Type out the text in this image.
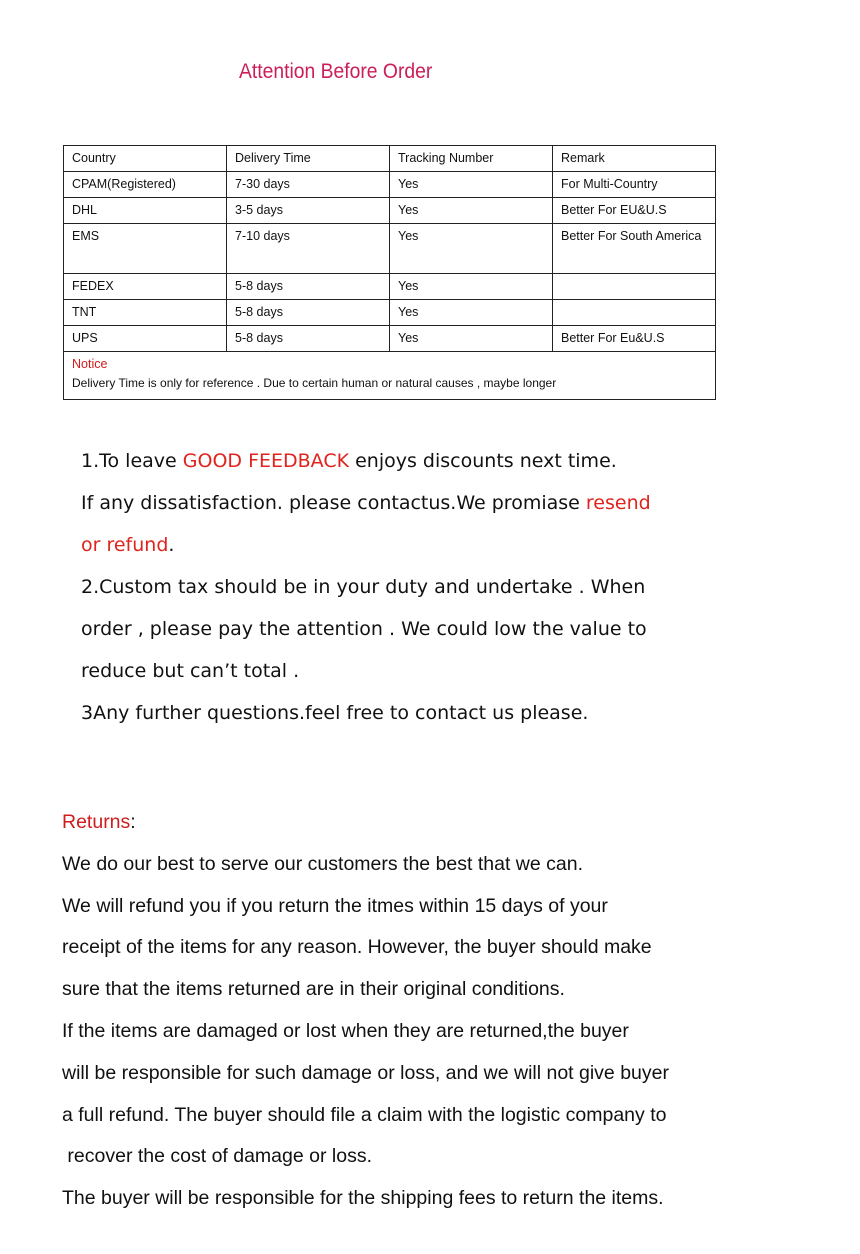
Attention Before Order
Country	Delivery Time	Tracking Number	Remark
CPAM(Registered)	7-30 days	Yes	For Multi-Country
DHL	3-5 days	Yes	Better For EU&U.S
EMS	7-10 days	Yes	Better For South America
FEDEX	5-8 days	Yes	
TNT	5-8 days	Yes	
UPS	5-8 days	Yes	Better For Eu&U.S

Notice
Delivery Time is only for reference . Due to certain human or natural causes , maybe longer			

1.To leave GOOD FEEDBACK enjoys discounts next time.

If any dissatisfaction. please contactus.We promiase resend

or refund.

2.Custom tax should be in your duty and undertake . When

order , please pay the attention . We could low the value to

reduce but can’t total .

3Any further questions.feel free to contact us please.

Returns:

We do our best to serve our customers the best that we can.

We will refund you if you return the itmes within 15 days of your

receipt of the items for any reason. However, the buyer should make

sure that the items returned are in their original conditions.

If the items are damaged or lost when they are returned,the buyer

will be responsible for such damage or loss, and we will not give buyer

a full refund. The buyer should file a claim with the logistic company to

recover the cost of damage or loss.

The buyer will be responsible for the shipping fees to return the items.
